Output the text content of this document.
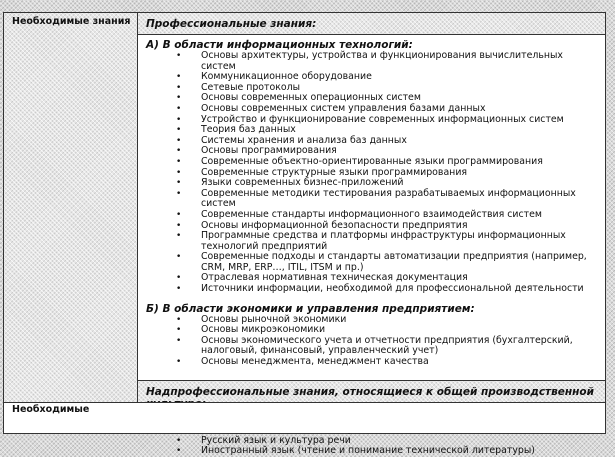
Необходимые знания	Профессиональные знания:
А) В области информационных технологий:
• Основы архитектуры, устройства и функционирования вычислительных систем
• Коммуникационное оборудование
• Сетевые протоколы
• Основы современных операционных систем
• Основы современных систем управления базами данных
• Устройство и функционирование современных информационных систем
• Теория баз данных
• Системы хранения и анализа баз данных
• Основы программирования
• Современные объектно-ориентированные языки программирования
• Современные структурные языки программирования
• Языки современных бизнес-приложений
• Современные методики тестирования разрабатываемых информационных систем
• Современные стандарты информационного взаимодействия систем
• Основы информационной безопасности предприятия
• Программные средства и платформы инфраструктуры информационных технологий предприятий
• Современные подходы и стандарты автоматизации предприятия (например, CRM, MRP, ERP…, ITIL, ITSM и пр.)
• Отраслевая нормативная техническая документация
• Источники информации, необходимой для профессиональной деятельности
Б) В области экономики и управления предприятием:
• Основы рыночной экономики
• Основы микроэкономики
• Основы экономического учета и отчетности предприятия (бухгалтерский, налоговый, финансовый, управленческий учет)
• Основы менеджмента, менеджмент качества
Надпрофессиональные знания, относящиеся к общей производственной
• Русский язык и культура речи
• Иностранный язык (чтение и понимание технической литературы)
Необходимые
